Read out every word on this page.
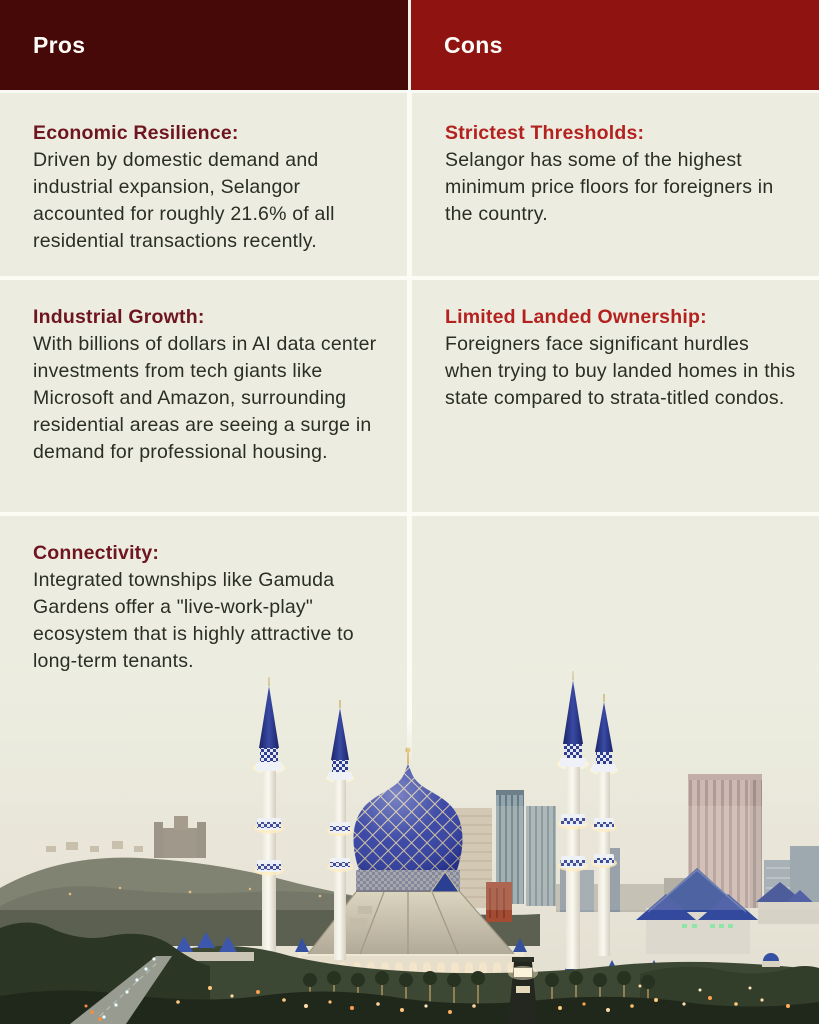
Pros	Cons
Economic Resilience:

Driven by domestic demand and industrial expansion, Selangor accounted for roughly 21.6% of all residential transactions recently.

Strictest Thresholds:

Selangor has some of the highest minimum price floors for foreigners in the country.

Industrial Growth:

With billions of dollars in AI data center investments from tech giants like Microsoft and Amazon, surrounding residential areas are seeing a surge in demand for professional housing.

Limited Landed Ownership:

Foreigners face significant hurdles when trying to buy landed homes in this state compared to strata-titled condos.

Connectivity:

Integrated townships like Gamuda Gardens offer a "live-work-play" ecosystem that is highly attractive to long-term tenants.
